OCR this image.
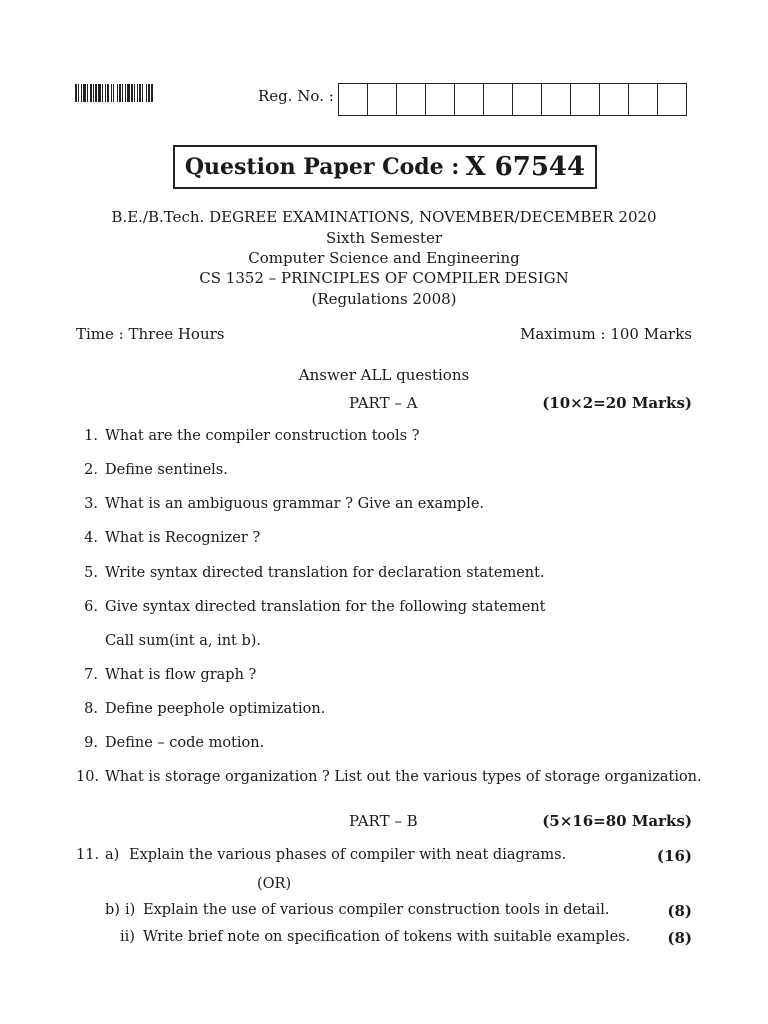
Reg. No. :
Question Paper Code : X 67544
B.E./B.Tech. DEGREE EXAMINATIONS, NOVEMBER/DECEMBER 2020
Sixth Semester
Computer Science and Engineering
CS 1352 – PRINCIPLES OF COMPILER DESIGN
(Regulations 2008)
Time : Three Hours	Maximum : 100 Marks
Answer ALL questions
PART – A	(10×2=20 Marks)
1. What are the compiler construction tools ?
2. Define sentinels.
3. What is an ambiguous grammar ? Give an example.
4. What is Recognizer ?
5. Write syntax directed translation for declaration statement.
6. Give syntax directed translation for the following statement
Call sum(int a, int b).
7. What is flow graph ?
8. Define peephole optimization.
9. Define – code motion.
10. What is storage organization ? List out the various types of storage organization.
PART – B	(5×16=80 Marks)
11. a) Explain the various phases of compiler with neat diagrams.	(16)
(OR)
b) i) Explain the use of various compiler construction tools in detail.	(8)
ii) Write brief note on specification of tokens with suitable examples. (8)
